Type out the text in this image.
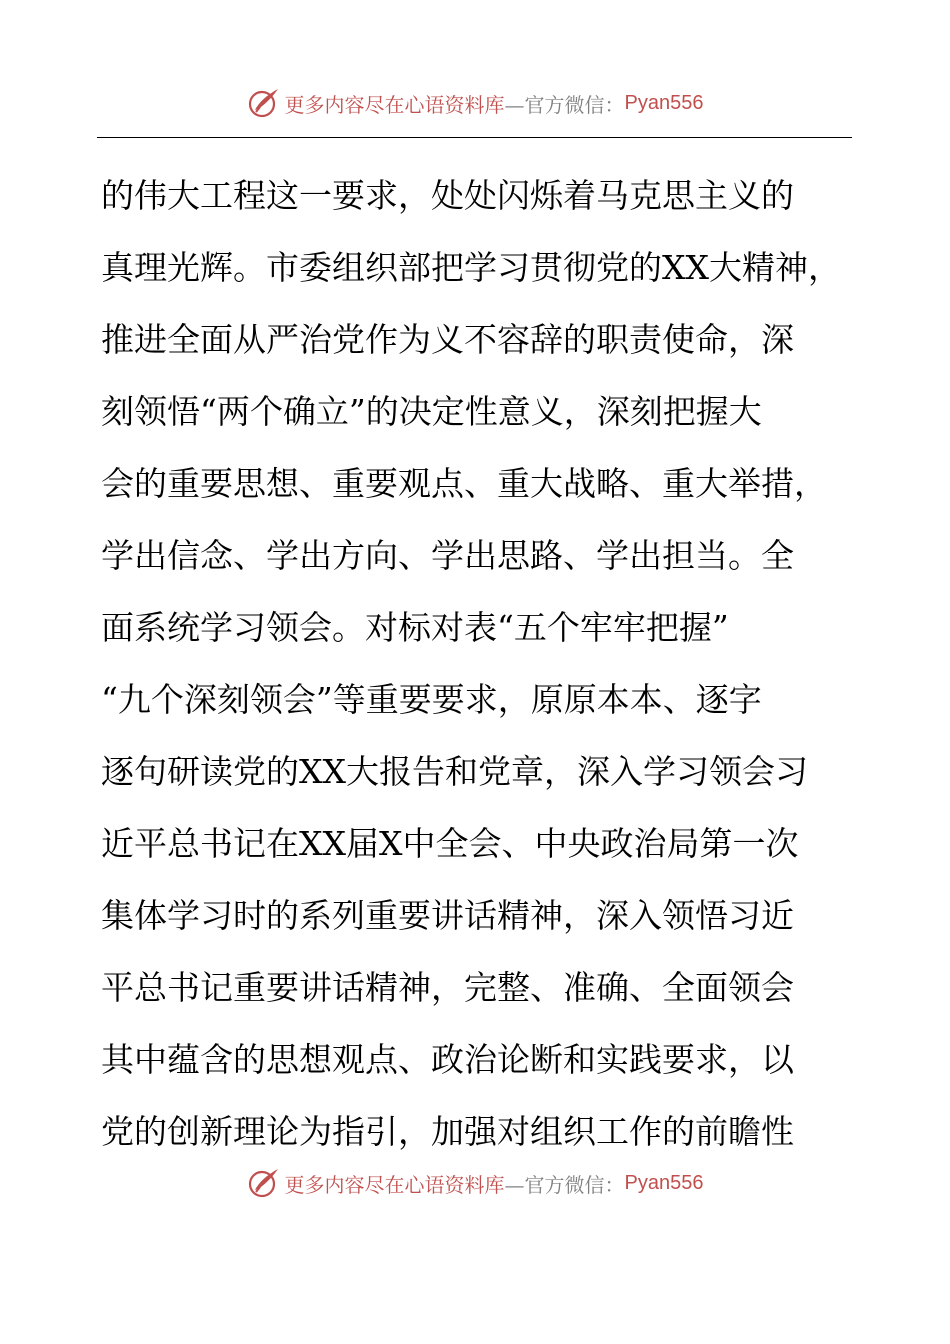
更多内容尽在心语资料库 —官方微信： Pyan556

的伟大工程这一要求，处处闪烁着马克思主义的

真理光辉。市委组织部把学习贯彻党的XX大精神，

推进全面从严治党作为义不容辞的职责使命，深

刻领悟“两个确立”的决定性意义，深刻把握大

会的重要思想、重要观点、重大战略、重大举措，

学出信念、学出方向、学出思路、学出担当。全

面系统学习领会。对标对表“五个牢牢把握”

“九个深刻领会”等重要要求，原原本本、逐字

逐句研读党的XX大报告和党章，深入学习领会习

近平总书记在XX届X中全会、中央政治局第一次

集体学习时的系列重要讲话精神，深入领悟习近

平总书记重要讲话精神，完整、准确、全面领会

其中蕴含的思想观点、政治论断和实践要求，以

党的创新理论为指引，加强对组织工作的前瞻性

更多内容尽在心语资料库 —官方微信： Pyan556
